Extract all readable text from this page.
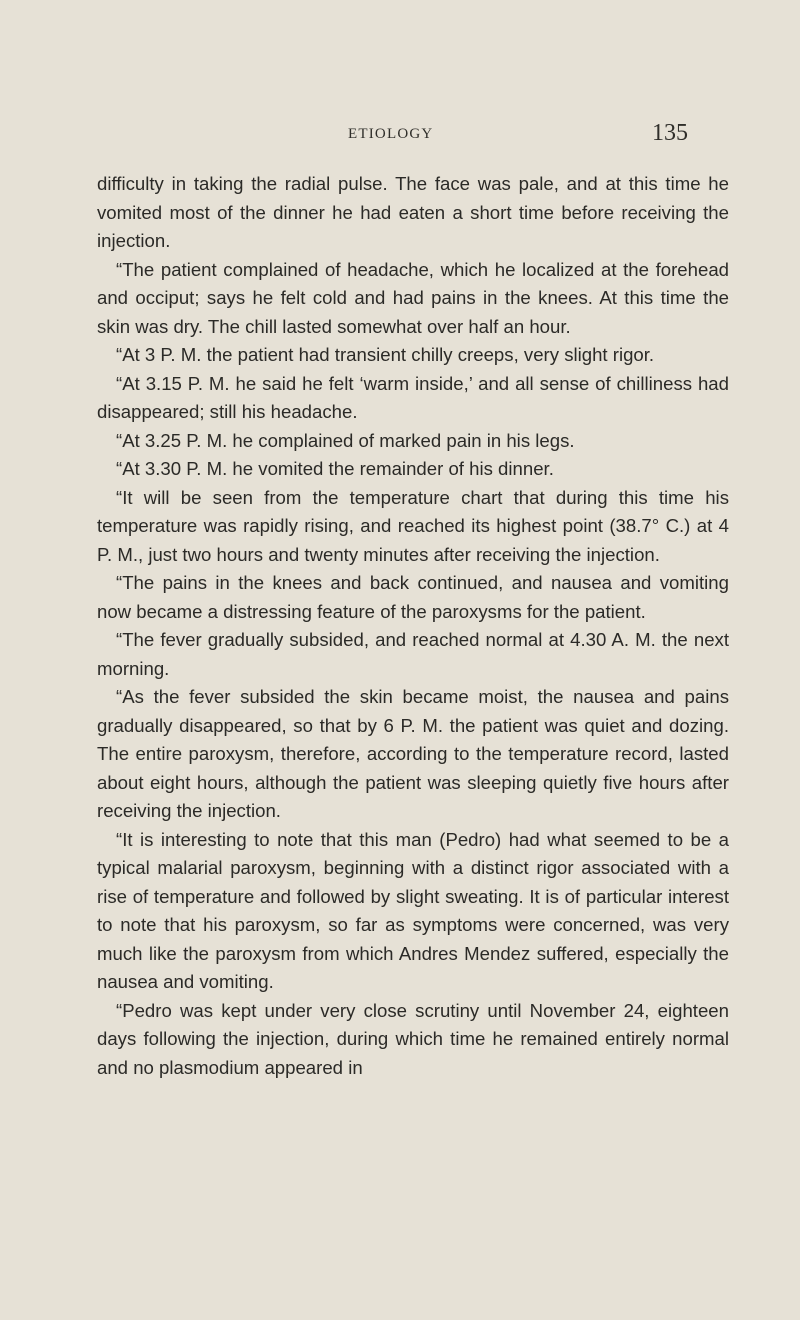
ETIOLOGY	135

difficulty in taking the radial pulse. The face was pale, and at this time he vomited most of the dinner he had eaten a short time before receiving the injection.

“The patient complained of headache, which he localized at the forehead and occiput; says he felt cold and had pains in the knees. At this time the skin was dry. The chill lasted somewhat over half an hour.

“At 3 P. M. the patient had transient chilly creeps, very slight rigor.

“At 3.15 P. M. he said he felt ‘warm inside,’ and all sense of chilliness had disappeared; still his headache.

“At 3.25 P. M. he complained of marked pain in his legs.

“At 3.30 P. M. he vomited the remainder of his dinner.

“It will be seen from the temperature chart that during this time his temperature was rapidly rising, and reached its highest point (38.7° C.) at 4 P. M., just two hours and twenty minutes after receiving the injection.

“The pains in the knees and back continued, and nausea and vomiting now became a distressing feature of the paroxysms for the patient.

“The fever gradually subsided, and reached normal at 4.30 A. M. the next morning.

“As the fever subsided the skin became moist, the nausea and pains gradually disappeared, so that by 6 P. M. the patient was quiet and dozing. The entire paroxysm, therefore, according to the temperature record, lasted about eight hours, although the patient was sleeping quietly five hours after receiving the injection.

“It is interesting to note that this man (Pedro) had what seemed to be a typical malarial paroxysm, beginning with a distinct rigor associated with a rise of temperature and followed by slight sweating. It is of particular interest to note that his paroxysm, so far as symptoms were concerned, was very much like the paroxysm from which Andres Mendez suffered, especially the nausea and vomiting.

“Pedro was kept under very close scrutiny until November 24, eighteen days following the injection, during which time he remained entirely normal and no plasmodium appeared in
